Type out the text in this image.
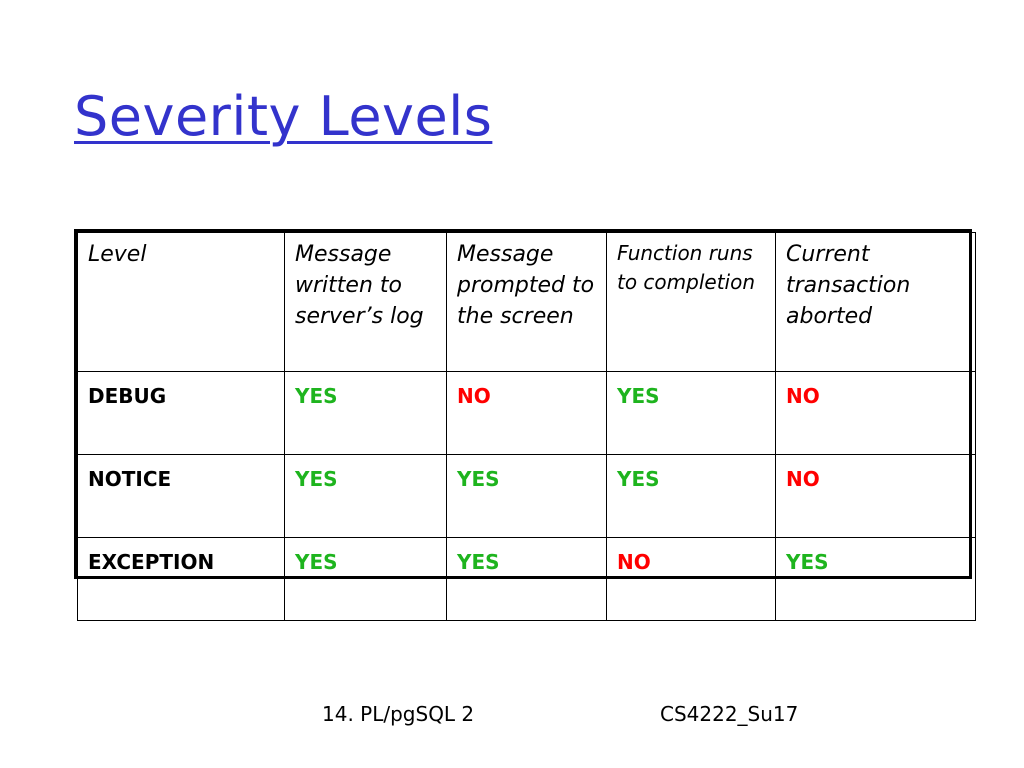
Severity Levels
Level	Message written to server’s log	Message prompted to the screen	Function runs to completion	Current transaction aborted
DEBUG	YES	NO	YES	NO
NOTICE	YES	YES	YES	NO
EXCEPTION	YES	YES	NO	YES
14. PL/pgSQL 2	CS4222_Su17
